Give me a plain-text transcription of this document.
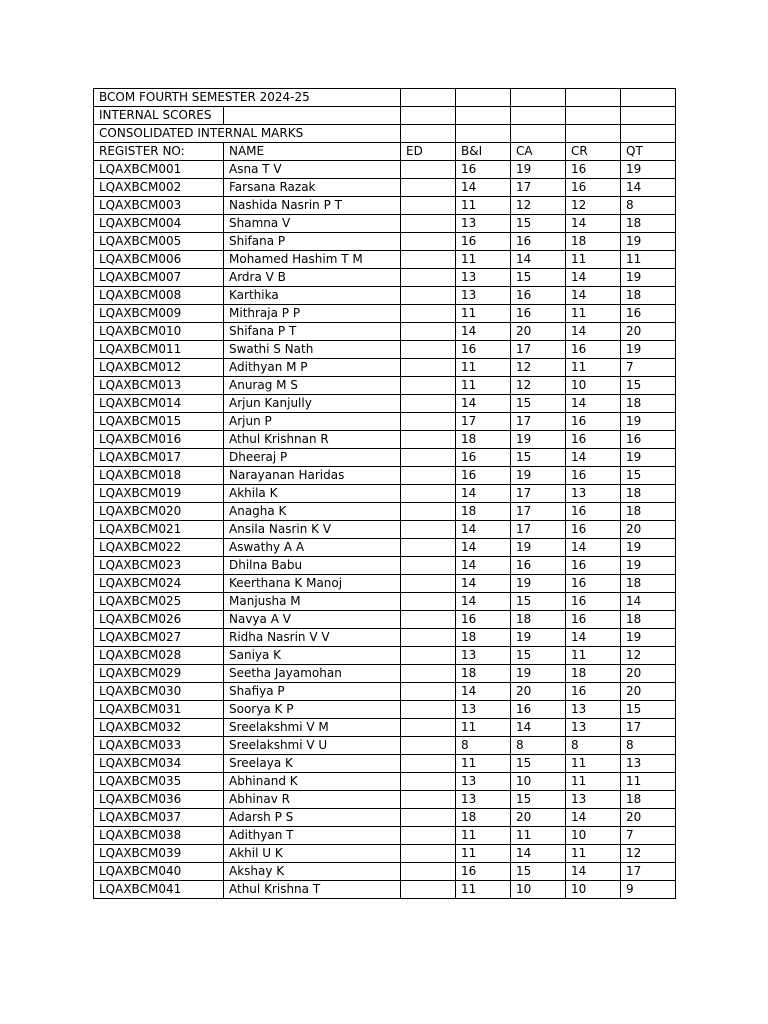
BCOM FOURTH SEMESTER 2024-25						
INTERNAL SCORES						
CONSOLIDATED INTERNAL MARKS						
REGISTER NO:	NAME	ED	B&I	CA	CR	QT
LQAXBCM001	Asna T V		16	19	16	19
LQAXBCM002	Farsana Razak		14	17	16	14
LQAXBCM003	Nashida Nasrin P T		11	12	12	8
LQAXBCM004	Shamna V		13	15	14	18
LQAXBCM005	Shifana P		16	16	18	19
LQAXBCM006	Mohamed Hashim T M		11	14	11	11
LQAXBCM007	Ardra V B		13	15	14	19
LQAXBCM008	Karthika		13	16	14	18
LQAXBCM009	Mithraja P P		11	16	11	16
LQAXBCM010	Shifana P T		14	20	14	20
LQAXBCM011	Swathi S Nath		16	17	16	19
LQAXBCM012	Adithyan M P		11	12	11	7
LQAXBCM013	Anurag M S		11	12	10	15
LQAXBCM014	Arjun Kanjully		14	15	14	18
LQAXBCM015	Arjun P		17	17	16	19
LQAXBCM016	Athul Krishnan R		18	19	16	16
LQAXBCM017	Dheeraj P		16	15	14	19
LQAXBCM018	Narayanan Haridas		16	19	16	15
LQAXBCM019	Akhila K		14	17	13	18
LQAXBCM020	Anagha K		18	17	16	18
LQAXBCM021	Ansila Nasrin K V		14	17	16	20
LQAXBCM022	Aswathy A A		14	19	14	19
LQAXBCM023	Dhilna Babu		14	16	16	19
LQAXBCM024	Keerthana K Manoj		14	19	16	18
LQAXBCM025	Manjusha M		14	15	16	14
LQAXBCM026	Navya A V		16	18	16	18
LQAXBCM027	Ridha Nasrin V V		18	19	14	19
LQAXBCM028	Saniya K		13	15	11	12
LQAXBCM029	Seetha Jayamohan		18	19	18	20
LQAXBCM030	Shafiya P		14	20	16	20
LQAXBCM031	Soorya K P		13	16	13	15
LQAXBCM032	Sreelakshmi V M		11	14	13	17
LQAXBCM033	Sreelakshmi V U		8	8	8	8
LQAXBCM034	Sreelaya K		11	15	11	13
LQAXBCM035	Abhinand K		13	10	11	11
LQAXBCM036	Abhinav R		13	15	13	18
LQAXBCM037	Adarsh P S		18	20	14	20
LQAXBCM038	Adithyan T		11	11	10	7
LQAXBCM039	Akhil U K		11	14	11	12
LQAXBCM040	Akshay K		16	15	14	17
LQAXBCM041	Athul Krishna T		11	10	10	9
